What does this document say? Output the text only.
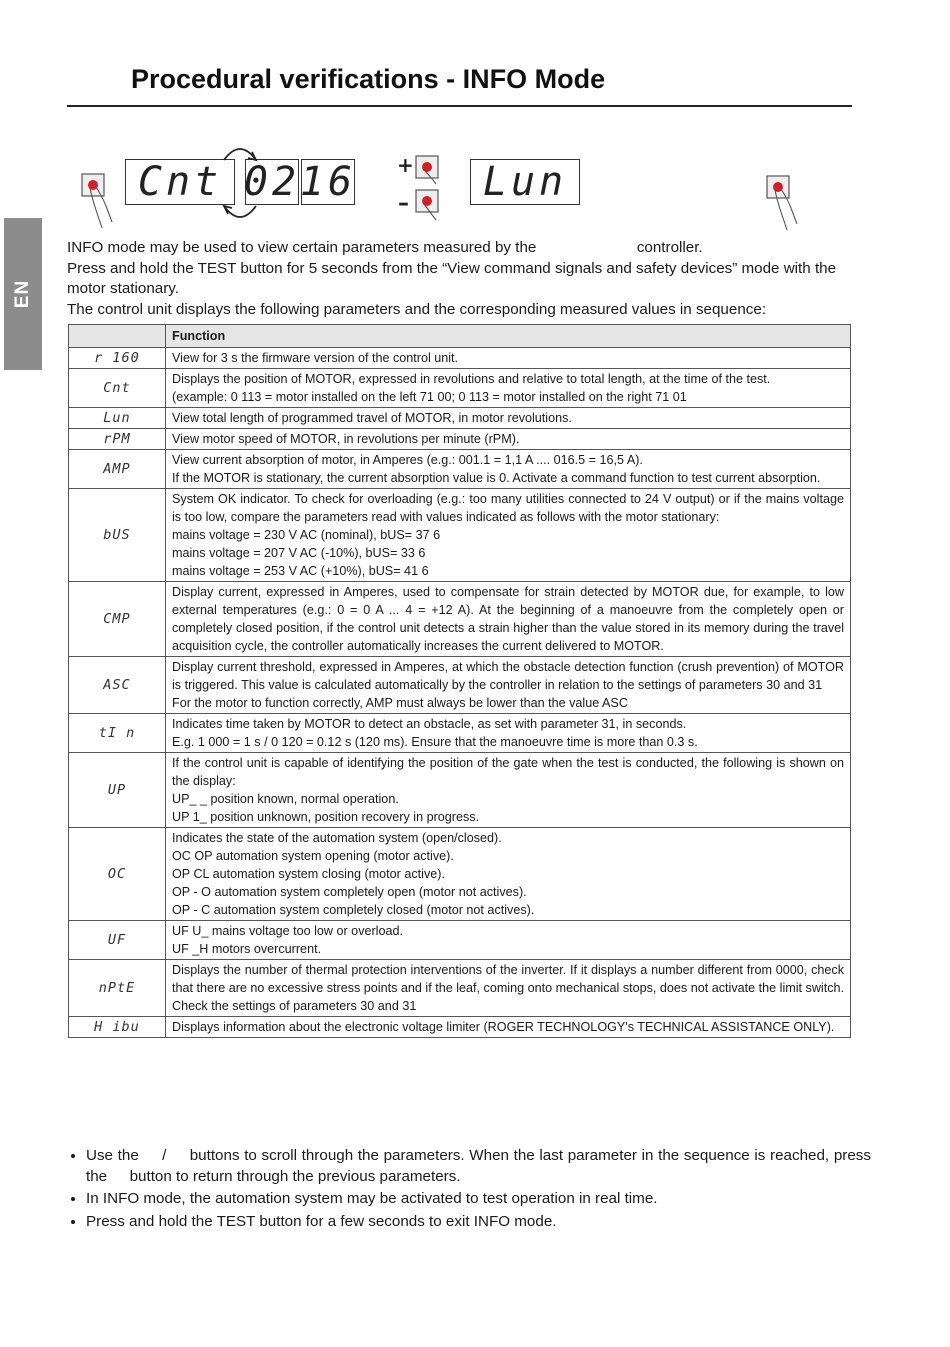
EN
Procedural verifications - INFO Mode
Cnt 02 16 +
– Lun

INFO mode may be used to view certain parameters measured by the	controller.

Press and hold the TEST button for 5 seconds from the “View command signals and safety devices” mode with the motor stationary.

The control unit displays the following parameters and the corresponding measured values in sequence:

	Function
r 160	View for 3 s the firmware version of the control unit.

Cnt	Displays the position of MOTOR, expressed in revolutions and relative to total length, at the time of the test.
(example: 0 113 = motor installed on the left 71 00; 0 113 = motor installed on the right 71 01

Lun	View total length of programmed travel of MOTOR, in motor revolutions.

rPM	View motor speed of MOTOR, in revolutions per minute (rPM).

AMP	View current absorption of motor, in Amperes (e.g.: 001.1 = 1,1 A .... 016.5 = 16,5 A).
If the MOTOR is stationary, the current absorption value is 0. Activate a command function to test current absorption.

bUS	System OK indicator. To check for overloading (e.g.: too many utilities connected to 24 V output) or if the mains voltage is too low, compare the parameters read with values indicated as follows with the motor stationary:
mains voltage = 230 V AC (nominal), bUS= 37 6
mains voltage = 207 V AC (-10%), bUS= 33 6
mains voltage = 253 V AC (+10%), bUS= 41 6

CMP	Display current, expressed in Amperes, used to compensate for strain detected by MOTOR due, for example, to low external temperatures (e.g.: 0 = 0 A ... 4 = +12 A). At the beginning of a manoeuvre from the completely open or completely closed position, if the control unit detects a strain higher than the value stored in its memory during the travel acquisition cycle, the controller automatically increases the current delivered to MOTOR.

ASC	Display current threshold, expressed in Amperes, at which the obstacle detection function (crush prevention) of MOTOR is triggered. This value is calculated automatically by the controller in relation to the settings of parameters 30 and 31
For the motor to function correctly, AMP must always be lower than the value ASC

tI n	Indicates time taken by MOTOR to detect an obstacle, as set with parameter 31, in seconds.
E.g. 1 000 = 1 s / 0 120 = 0.12 s (120 ms). Ensure that the manoeuvre time is more than 0.3 s.

UP	If the control unit is capable of identifying the position of the gate when the test is conducted, the following is shown on the display:
UP_ _ position known, normal operation.
UP 1_ position unknown, position recovery in progress.

OC	Indicates the state of the automation system (open/closed).
OC OP automation system opening (motor active).
OP CL automation system closing (motor active).
OP - O automation system completely open (motor not actives).
OP - C automation system completely closed (motor not actives).

UF	UF U_ mains voltage too low or overload.
UF _H motors overcurrent.

nPtE	Displays the number of thermal protection interventions of the inverter. If it displays a number different from 0000, check that there are no excessive stress points and if the leaf, coming onto mechanical stops, does not activate the limit switch.
Check the settings of parameters 30 and 31

H ibu	Displays information about the electronic voltage limiter (ROGER TECHNOLOGY's TECHNICAL ASSISTANCE ONLY).
• Use the / buttons to scroll through the parameters. When the last parameter in the sequence is reached, press the button to return through the previous parameters.
• In INFO mode, the automation system may be activated to test operation in real time.
• Press and hold the TEST button for a few seconds to exit INFO mode.
